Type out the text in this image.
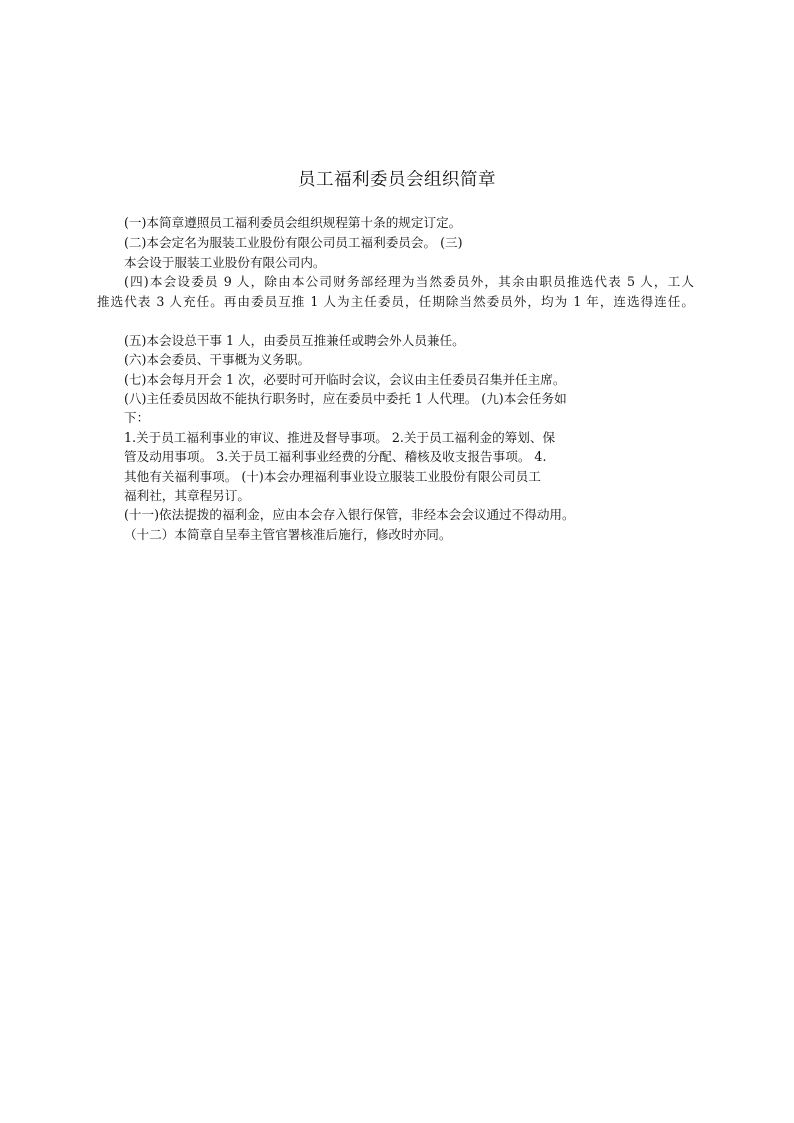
员工福利委员会组织简章
(一)本简章遵照员工福利委员会组织规程第十条的规定订定。
(二)本会定名为服装工业股份有限公司员工福利委员会。 (三)
本会设于服装工业股份有限公司内。
(四)本会设委员 9 人，除由本公司财务部经理为当然委员外，其余由职员推选代表 5 人，工人
推选代表 3 人充任。再由委员互推 1 人为主任委员，任期除当然委员外，均为 1 年，连选得连任。
(五)本会设总干事 1 人，由委员互推兼任或聘会外人员兼任。
(六)本会委员、干事概为义务职。
(七)本会每月开会 1 次，必要时可开临时会议，会议由主任委员召集并任主席。
(八)主任委员因故不能执行职务时，应在委员中委托 1 人代理。 (九)本会任务如
下：
1.关于员工福利事业的审议、推进及督导事项。 2.关于员工福利金的筹划、保
管及动用事项。 3.关于员工福利事业经费的分配、稽核及收支报告事项。 4.
其他有关福利事项。 (十)本会办理福利事业设立服装工业股份有限公司员工
福利社，其章程另订。
(十一)依法提拨的福利金，应由本会存入银行保管，非经本会会议通过不得动用。
（十二）本简章自呈奉主管官署核准后施行，修改时亦同。
